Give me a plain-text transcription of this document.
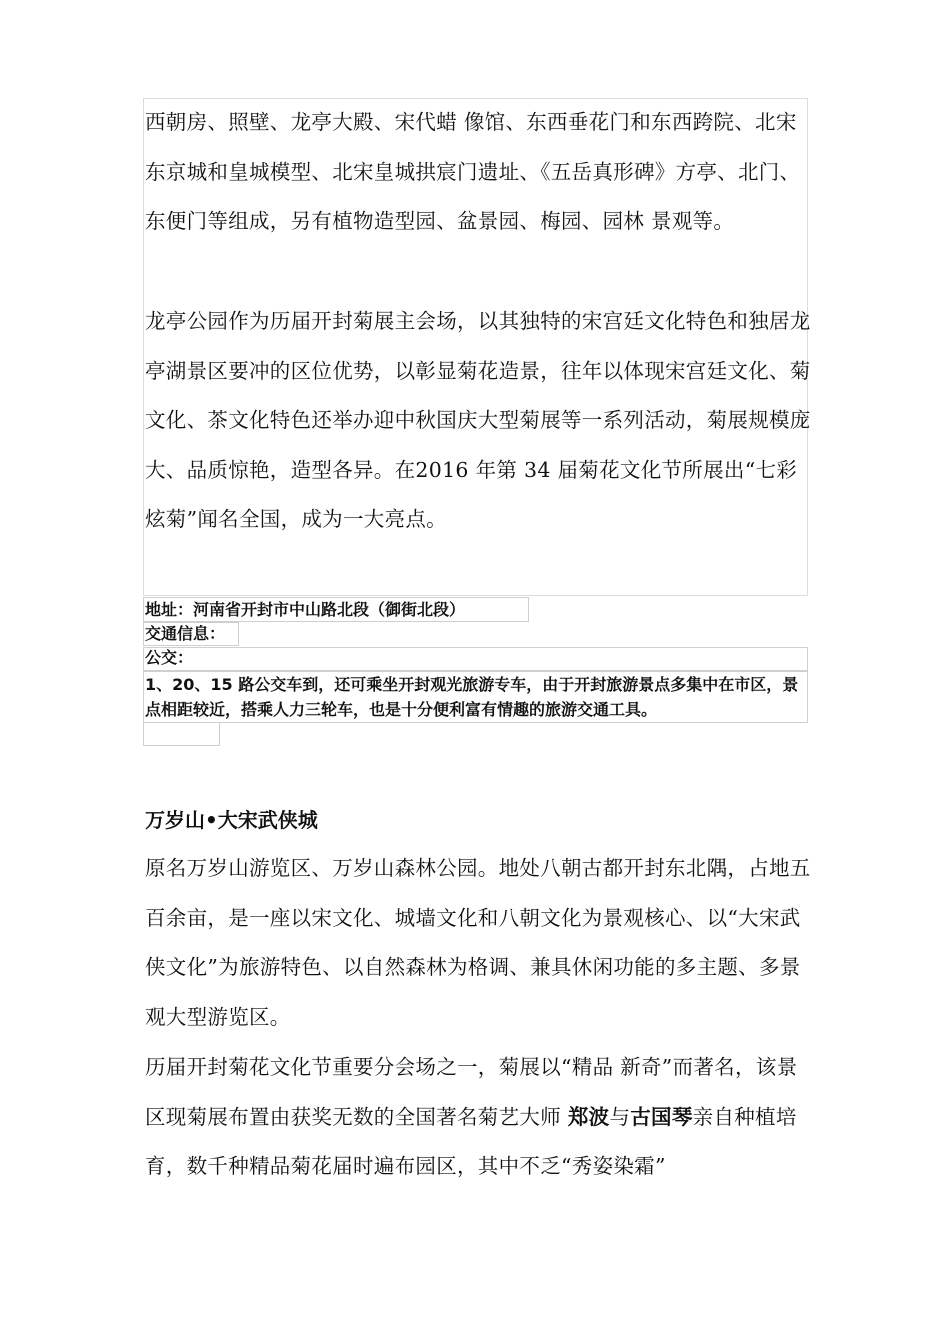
西朝房、照壁、龙亭大殿、宋代蜡 像馆、东西垂花门和东西跨院、北宋东京城和皇城模型、北宋皇城拱宸门遗址、《五岳真形碑》方亭、北门、东便门等组成，另有植物造型园、盆景园、梅园、园林 景观等。

龙亭公园作为历届开封菊展主会场，以其独特的宋宫廷文化特色和独居龙亭湖景区要冲的区位优势，以彰显菊花造景，往年以体现宋宫廷文化、菊文化、茶文化特色还举办迎中秋国庆大型菊展等一系列活动，菊展规模庞大、品质惊艳，造型各异。在2016 年第 34 届菊花文化节所展出“七彩炫菊”闻名全国，成为一大亮点。

地址：河南省开封市中山路北段（御街北段）
交通信息：
公交：
1、20、15 路公交车到，还可乘坐开封观光旅游专车，由于开封旅游景点多集中在市区，景点相距较近，搭乘人力三轮车，也是十分便利富有情趣的旅游交通工具。
万岁山•大宋武侠城

原名万岁山游览区、万岁山森林公园。地处八朝古都开封东北隅，占地五百余亩，是一座以宋文化、城墙文化和八朝文化为景观核心、以“大宋武侠文化”为旅游特色、以自然森林为格调、兼具休闲功能的多主题、多景观大型游览区。

历届开封菊花文化节重要分会场之一，菊展以“精品 新奇”而著名，该景区现菊展布置由获奖无数的全国著名菊艺大师 郑波与古国琴亲自种植培育，数千种精品菊花届时遍布园区，其中不乏“秀姿染霜”
